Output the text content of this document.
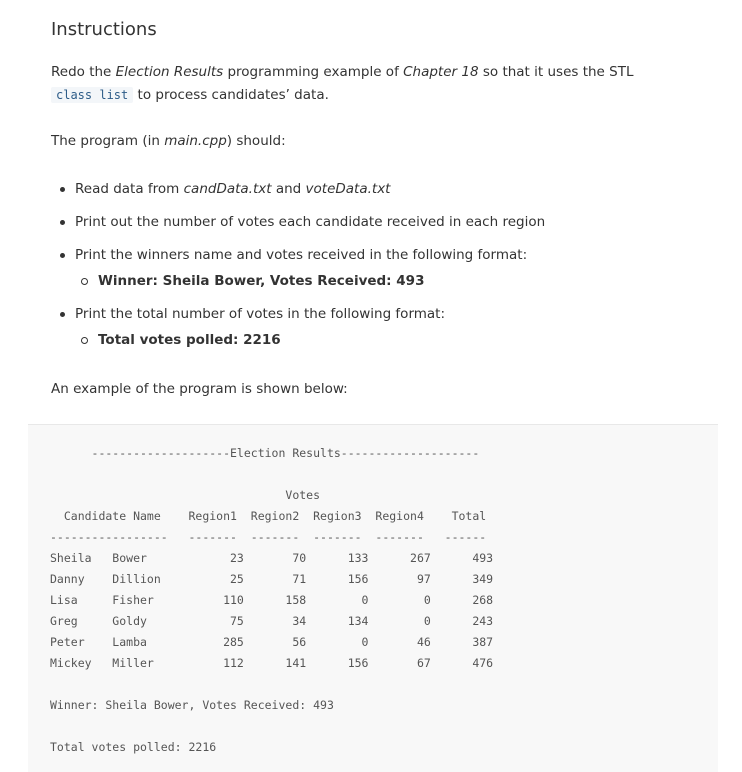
Instructions

Redo the Election Results programming example of Chapter 18 so that it uses the STL
class list to process candidates’ data.

The program (in main.cpp) should:

Read data from candData.txt and voteData.txt
Print out the number of votes each candidate received in each region
Print the winners name and votes received in the following format:
Winner: Sheila Bower, Votes Received: 493
Print the total number of votes in the following format:
Total votes polled: 2216

An example of the program is shown below:

--------------------Election Results--------------------

Votes
Candidate Name    Region1  Region2  Region3  Region4    Total
-----------------   -------  -------  -------  -------   ------
Sheila   Bower            23       70      133      267      493
Danny    Dillion          25       71      156       97      349
Lisa     Fisher          110      158        0        0      268
Greg     Goldy            75       34      134        0      243
Peter    Lamba           285       56        0       46      387
Mickey   Miller          112      141      156       67      476

Winner: Sheila Bower, Votes Received: 493

Total votes polled: 2216
